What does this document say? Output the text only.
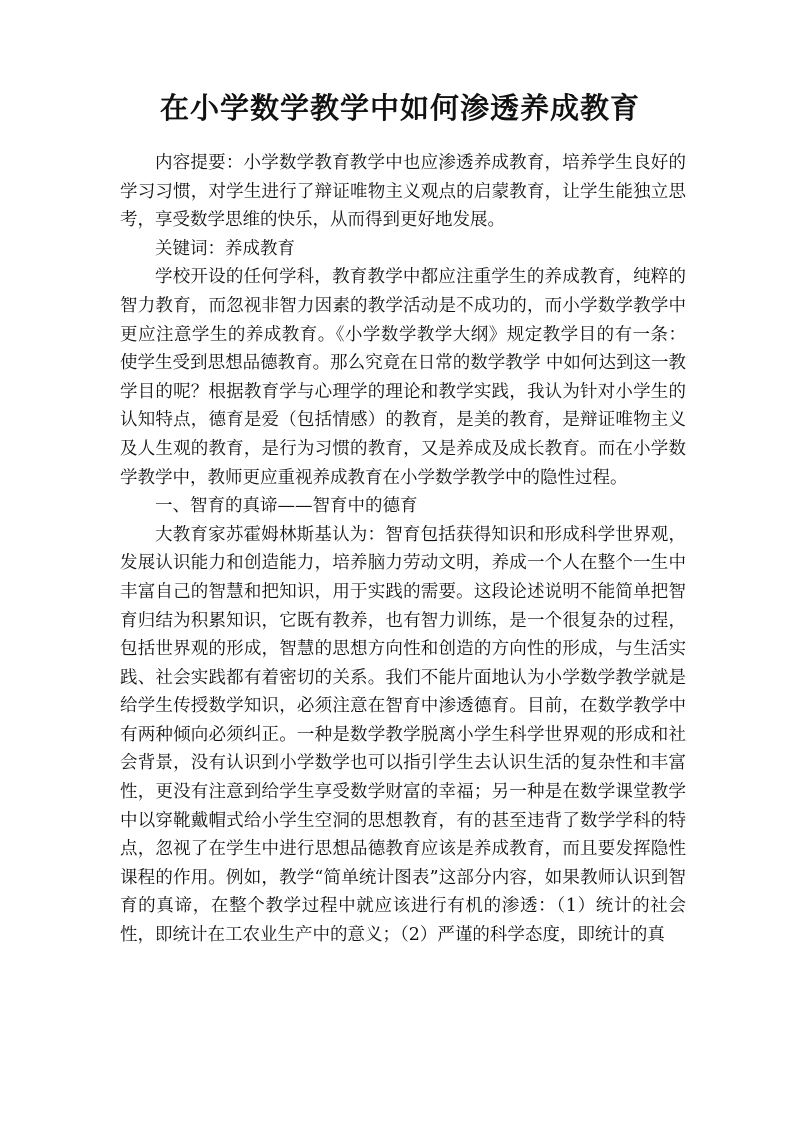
在小学数学教学中如何渗透养成教育

内容提要：小学数学教育教学中也应渗透养成教育，培养学生良好的学习习惯，对学生进行了辩证唯物主义观点的启蒙教育，让学生能独立思考，享受数学思维的快乐，从而得到更好地发展。

关键词：养成教育

学校开设的任何学科，教育教学中都应注重学生的养成教育，纯粹的智力教育，而忽视非智力因素的教学活动是不成功的，而小学数学教学中更应注意学生的养成教育。《小学数学教学大纲》规定教学目的有一条：使学生受到思想品德教育。那么究竟在日常的数学教学 中如何达到这一教学目的呢？根据教育学与心理学的理论和教学实践，我认为针对小学生的认知特点，德育是爱（包括情感）的教育，是美的教育，是辩证唯物主义及人生观的教育，是行为习惯的教育，又是养成及成长教育。而在小学数学教学中，教师更应重视养成教育在小学数学教学中的隐性过程。

一、智育的真谛——智育中的德育

大教育家苏霍姆林斯基认为：智育包括获得知识和形成科学世界观，发展认识能力和创造能力，培养脑力劳动文明，养成一个人在整个一生中丰富自己的智慧和把知识，用于实践的需要。这段论述说明不能简单把智育归结为积累知识，它既有教养，也有智力训练，是一个很复杂的过程，包括世界观的形成，智慧的思想方向性和创造的方向性的形成，与生活实践、社会实践都有着密切的关系。我们不能片面地认为小学数学教学就是给学生传授数学知识，必须注意在智育中渗透德育。目前，在数学教学中有两种倾向必须纠正。一种是数学教学脱离小学生科学世界观的形成和社会背景，没有认识到小学数学也可以指引学生去认识生活的复杂性和丰富性，更没有注意到给学生享受数学财富的幸福；另一种是在数学课堂教学中以穿靴戴帽式给小学生空洞的思想教育，有的甚至违背了数学学科的特点，忽视了在学生中进行思想品德教育应该是养成教育，而且要发挥隐性课程的作用。例如，教学“简单统计图表”这部分内容，如果教师认识到智育的真谛，在整个教学过程中就应该进行有机的渗透：（1）统计的社会性，即统计在工农业生产中的意义；（2）严谨的科学态度，即统计的真
